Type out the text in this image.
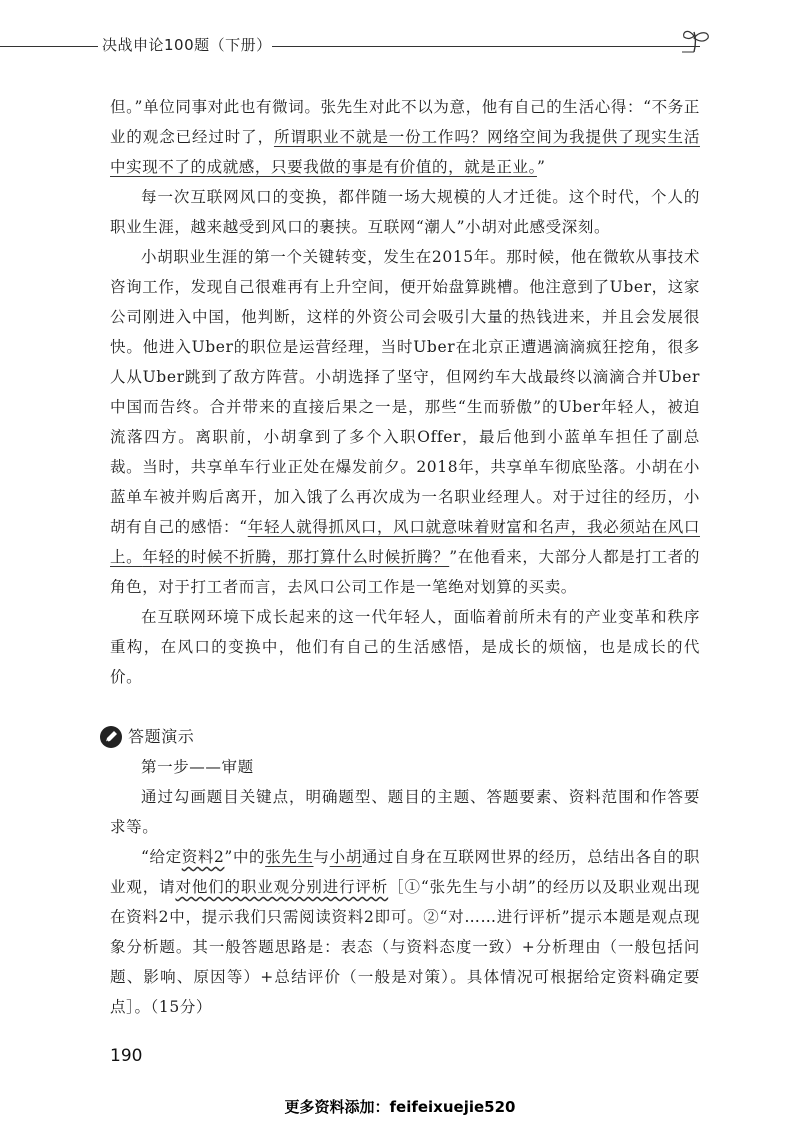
决战申论100题（下册）

但。”单位同事对此也有微词。张先生对此不以为意，他有自己的生活心得：“不务正业的观念已经过时了，所谓职业不就是一份工作吗？网络空间为我提供了现实生活中实现不了的成就感，只要我做的事是有价值的，就是正业。”

每一次互联网风口的变换，都伴随一场大规模的人才迁徙。这个时代，个人的职业生涯，越来越受到风口的裹挟。互联网“潮人”小胡对此感受深刻。

小胡职业生涯的第一个关键转变，发生在2015年。那时候，他在微软从事技术咨询工作，发现自己很难再有上升空间，便开始盘算跳槽。他注意到了Uber，这家公司刚进入中国，他判断，这样的外资公司会吸引大量的热钱进来，并且会发展很快。他进入Uber的职位是运营经理，当时Uber在北京正遭遇滴滴疯狂挖角，很多人从Uber跳到了敌方阵营。小胡选择了坚守，但网约车大战最终以滴滴合并Uber中国而告终。合并带来的直接后果之一是，那些“生而骄傲”的Uber年轻人，被迫流落四方。离职前，小胡拿到了多个入职Offer，最后他到小蓝单车担任了副总裁。当时，共享单车行业正处在爆发前夕。2018年，共享单车彻底坠落。小胡在小蓝单车被并购后离开，加入饿了么再次成为一名职业经理人。对于过往的经历，小胡有自己的感悟：“年轻人就得抓风口，风口就意味着财富和名声，我必须站在风口上。年轻的时候不折腾，那打算什么时候折腾？”在他看来，大部分人都是打工者的角色，对于打工者而言，去风口公司工作是一笔绝对划算的买卖。

在互联网环境下成长起来的这一代年轻人，面临着前所未有的产业变革和秩序重构，在风口的变换中，他们有自己的生活感悟，是成长的烦恼，也是成长的代价。

答题演示

第一步——审题

通过勾画题目关键点，明确题型、题目的主题、答题要素、资料范围和作答要求等。

“给定资料2”中的张先生与小胡通过自身在互联网世界的经历，总结出各自的职业观，请对他们的职业观分别进行评析［①“张先生与小胡”的经历以及职业观出现在资料2中，提示我们只需阅读资料2即可。②“对……进行评析”提示本题是观点现象分析题。其一般答题思路是：表态（与资料态度一致）+分析理由（一般包括问题、影响、原因等）+总结评价（一般是对策）。具体情况可根据给定资料确定要点］。（15分）

190
更多资料添加：feifeixuejie520
